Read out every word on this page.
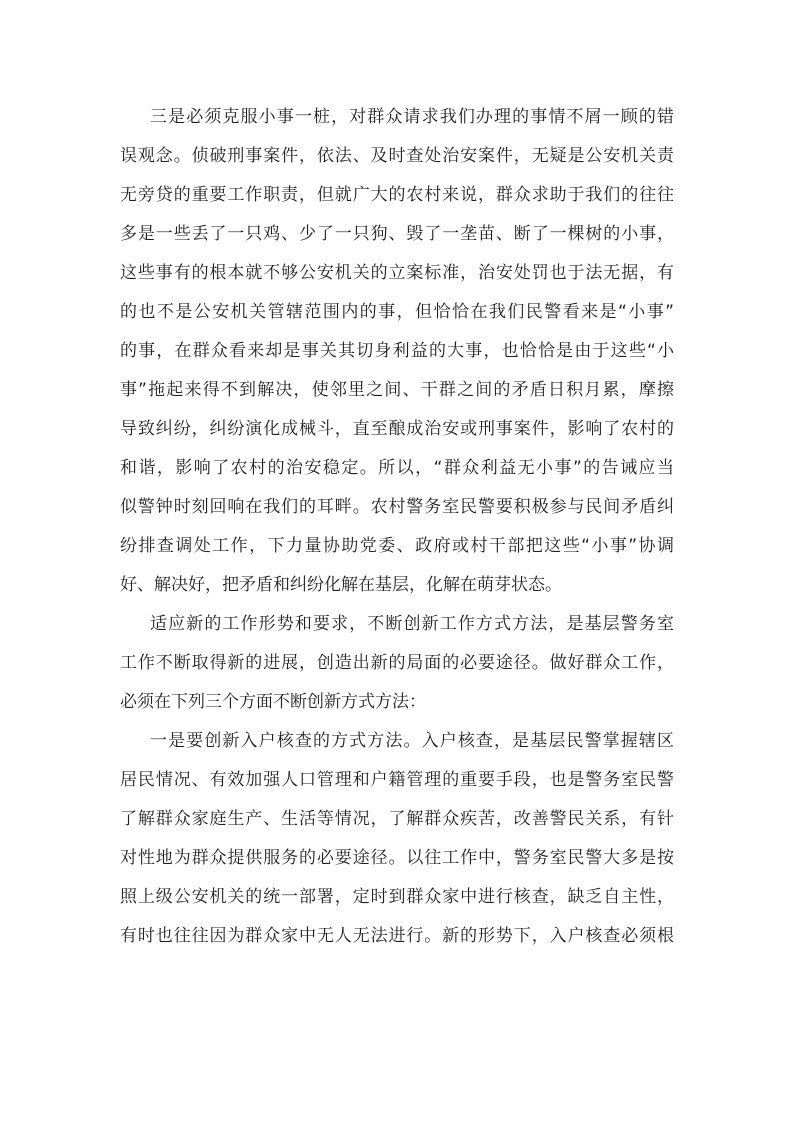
三是必须克服小事一桩，对群众请求我们办理的事情不屑一顾的错
误观念。侦破刑事案件，依法、及时查处治安案件，无疑是公安机关责
无旁贷的重要工作职责，但就广大的农村来说，群众求助于我们的往往
多是一些丢了一只鸡、少了一只狗、毁了一垄苗、断了一棵树的小事，
这些事有的根本就不够公安机关的立案标准，治安处罚也于法无据，有
的也不是公安机关管辖范围内的事，但恰恰在我们民警看来是“小事”
的事，在群众看来却是事关其切身利益的大事，也恰恰是由于这些“小
事”拖起来得不到解决，使邻里之间、干群之间的矛盾日积月累，摩擦
导致纠纷，纠纷演化成械斗，直至酿成治安或刑事案件，影响了农村的
和谐，影响了农村的治安稳定。所以，“群众利益无小事”的告诫应当
似警钟时刻回响在我们的耳畔。农村警务室民警要积极参与民间矛盾纠
纷排查调处工作，下力量协助党委、政府或村干部把这些“小事”协调
好、解决好，把矛盾和纠纷化解在基层，化解在萌芽状态。
适应新的工作形势和要求，不断创新工作方式方法，是基层警务室
工作不断取得新的进展，创造出新的局面的必要途径。做好群众工作，
必须在下列三个方面不断创新方式方法：
一是要创新入户核查的方式方法。入户核查，是基层民警掌握辖区
居民情况、有效加强人口管理和户籍管理的重要手段，也是警务室民警
了解群众家庭生产、生活等情况，了解群众疾苦，改善警民关系，有针
对性地为群众提供服务的必要途径。以往工作中，警务室民警大多是按
照上级公安机关的统一部署，定时到群众家中进行核查，缺乏自主性，
有时也往往因为群众家中无人无法进行。新的形势下，入户核查必须根
